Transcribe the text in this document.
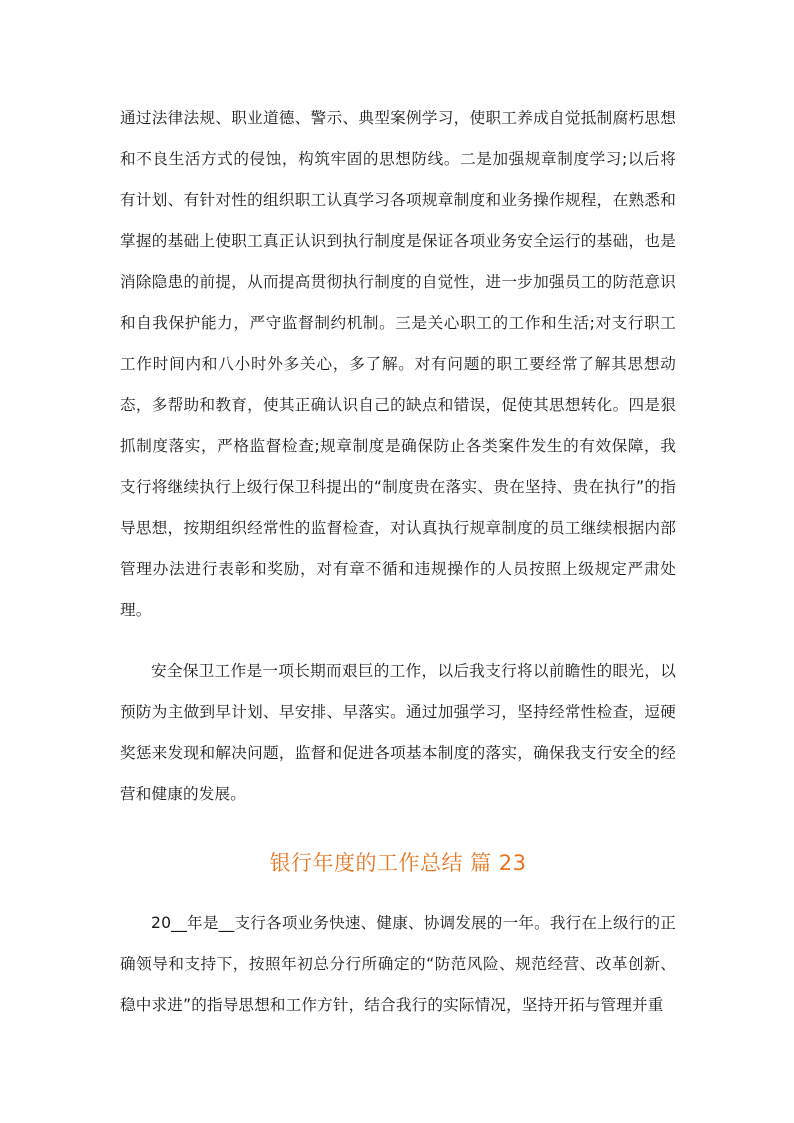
通过法律法规、职业道德、警示、典型案例学习，使职工养成自觉抵制腐朽思想和不良生活方式的侵蚀，构筑牢固的思想防线。二是加强规章制度学习;以后将有计划、有针对性的组织职工认真学习各项规章制度和业务操作规程，在熟悉和掌握的基础上使职工真正认识到执行制度是保证各项业务安全运行的基础，也是消除隐患的前提，从而提高贯彻执行制度的自觉性，进一步加强员工的防范意识和自我保护能力，严守监督制约机制。三是关心职工的工作和生活;对支行职工工作时间内和八小时外多关心，多了解。对有问题的职工要经常了解其思想动态，多帮助和教育，使其正确认识自己的缺点和错误，促使其思想转化。四是狠抓制度落实，严格监督检查;规章制度是确保防止各类案件发生的有效保障，我支行将继续执行上级行保卫科提出的“制度贵在落实、贵在坚持、贵在执行”的指导思想，按期组织经常性的监督检查，对认真执行规章制度的员工继续根据内部管理办法进行表彰和奖励，对有章不循和违规操作的人员按照上级规定严肃处理。

安全保卫工作是一项长期而艰巨的工作，以后我支行将以前瞻性的眼光，以预防为主做到早计划、早安排、早落实。通过加强学习，坚持经常性检查，逗硬奖惩来发现和解决问题，监督和促进各项基本制度的落实，确保我支行安全的经营和健康的发展。

银行年度的工作总结 篇 23

20__年是__支行各项业务快速、健康、协调发展的一年。我行在上级行的正确领导和支持下，按照年初总分行所确定的“防范风险、规范经营、改革创新、稳中求进”的指导思想和工作方针，结合我行的实际情况，坚持开拓与管理并重
